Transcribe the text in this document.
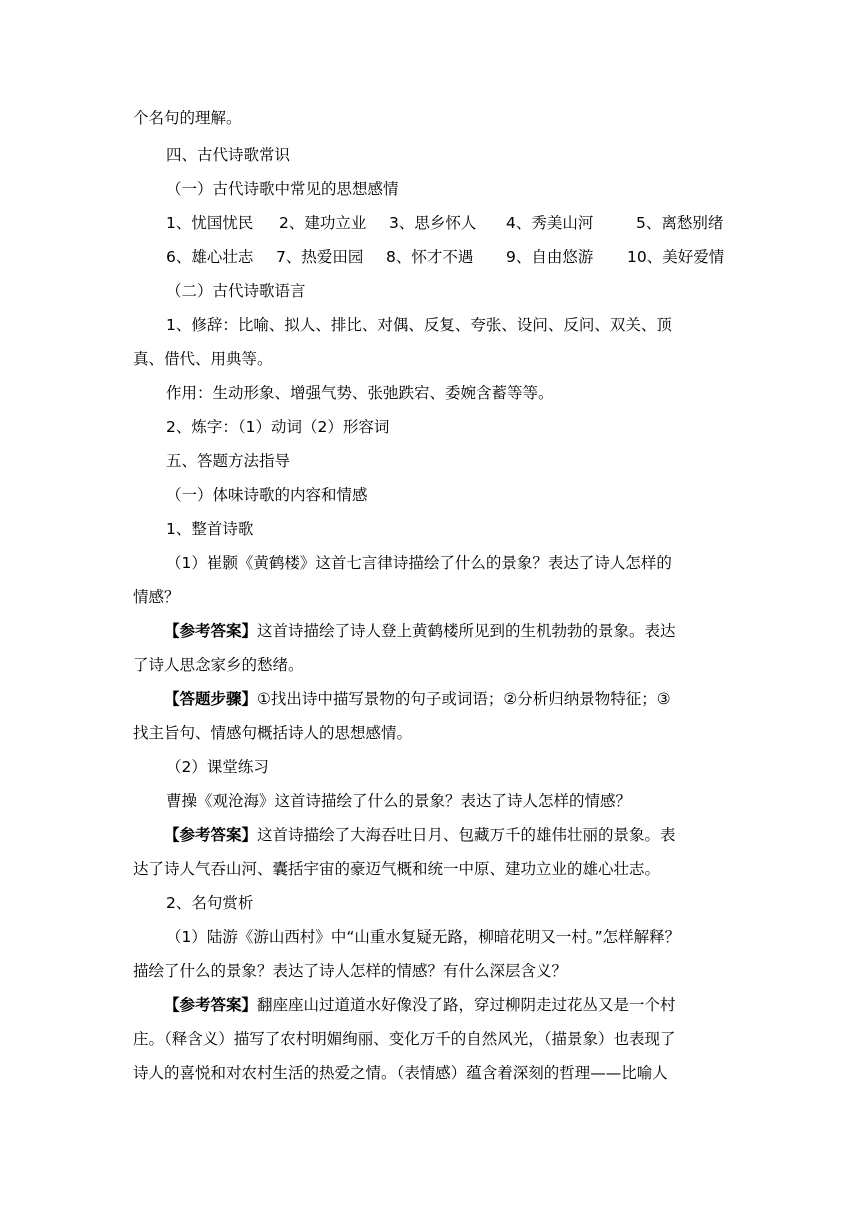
个名句的理解。
四、古代诗歌常识
（一）古代诗歌中常见的思想感情
1、忧国忧民 2、建功立业 3、思乡怀人 4、秀美山河	5、离愁别绪
6、雄心壮志 7、热爱田园 8、怀才不遇 9、自由悠游 10、美好爱情
（二）古代诗歌语言
1、修辞：比喻、拟人、排比、对偶、反复、夸张、设问、反问、双关、顶
真、借代、用典等。
作用：生动形象、增强气势、张弛跌宕、委婉含蓄等等。
2、炼字：（1）动词（2）形容词
五、答题方法指导
（一）体味诗歌的内容和情感
1、整首诗歌
（1）崔颢《黄鹤楼》这首七言律诗描绘了什么的景象？表达了诗人怎样的
情感？
【参考答案】这首诗描绘了诗人登上黄鹤楼所见到的生机勃勃的景象。表达
了诗人思念家乡的愁绪。
【答题步骤】①找出诗中描写景物的句子或词语；②分析归纳景物特征；③
找主旨句、情感句概括诗人的思想感情。
（2）课堂练习
曹操《观沧海》这首诗描绘了什么的景象？表达了诗人怎样的情感？
【参考答案】这首诗描绘了大海吞吐日月、包藏万千的雄伟壮丽的景象。表
达了诗人气吞山河、囊括宇宙的豪迈气概和统一中原、建功立业的雄心壮志。
2、名句赏析
（1）陆游《游山西村》中“山重水复疑无路，柳暗花明又一村。”怎样解释？
描绘了什么的景象？表达了诗人怎样的情感？有什么深层含义？
【参考答案】翻座座山过道道水好像没了路，穿过柳阴走过花丛又是一个村
庄。（释含义）描写了农村明媚绚丽、变化万千的自然风光，（描景象）也表现了
诗人的喜悦和对农村生活的热爱之情。（表情感）蕴含着深刻的哲理——比喻人
